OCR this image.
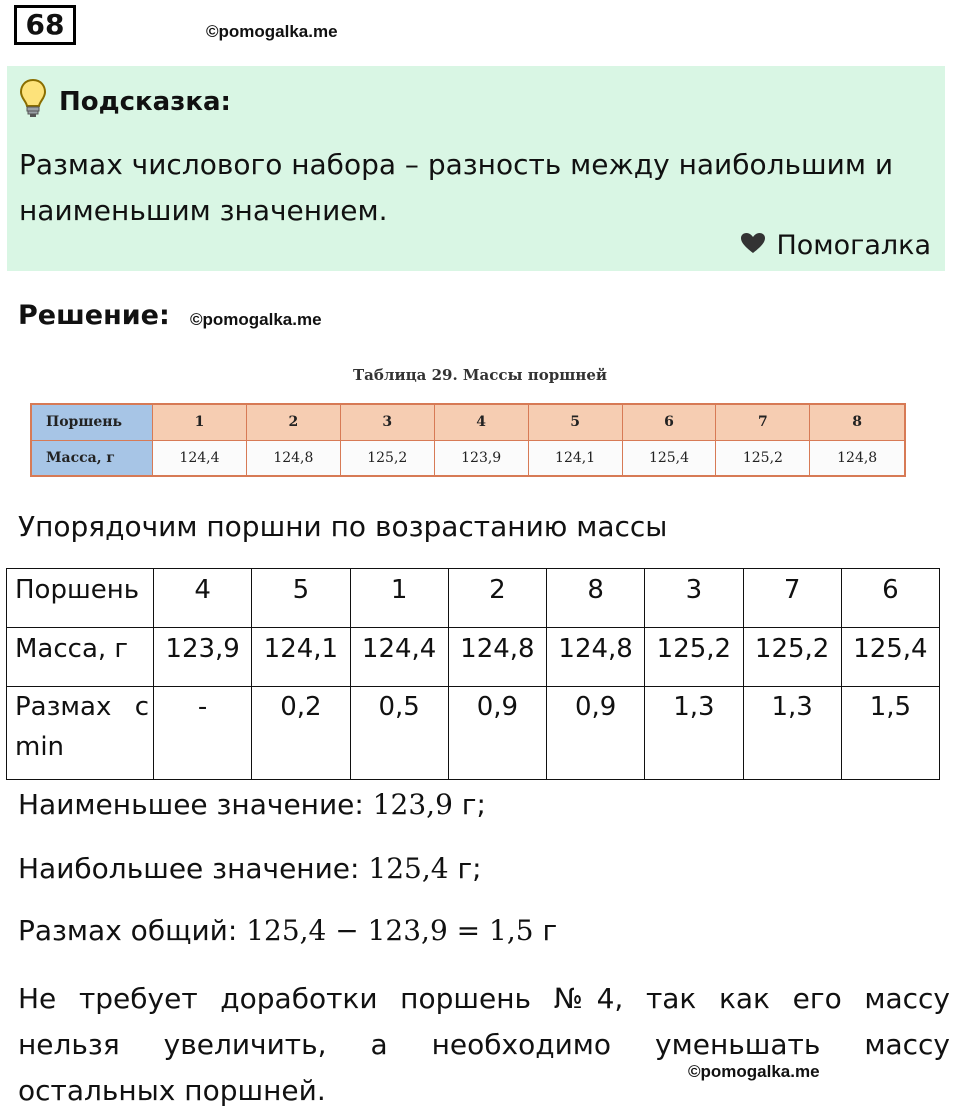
68	©pomogalka.me
Подсказка:
Размах числового набора – разность между наибольшим и наименьшим значением.
Помогалка
Решение: ©pomogalka.me
Таблица 29. Массы поршней
Поршень	1	2	3	4	5	6	7	8
Масса, г	124,4	124,8	125,2	123,9	124,1	125,4	125,2	124,8
Упорядочим поршни по возрастанию массы
Поршень	4	5	1	2	8	3	7	6
Масса, г	123,9	124,1	124,4	124,8	124,8	125,2	125,2	125,4

Размах с
min	-	0,2	0,5	0,9	0,9	1,3	1,3	1,5
Наименьшее значение: 123,9 г;
Наибольшее значение: 125,4 г;
Размах общий: 125,4 − 123,9 = 1,5 г
Не требует доработки поршень №4, так как его массу
нельзя увеличить, а необходимо уменьшать массу
остальных поршней.
©pomogalka.me
